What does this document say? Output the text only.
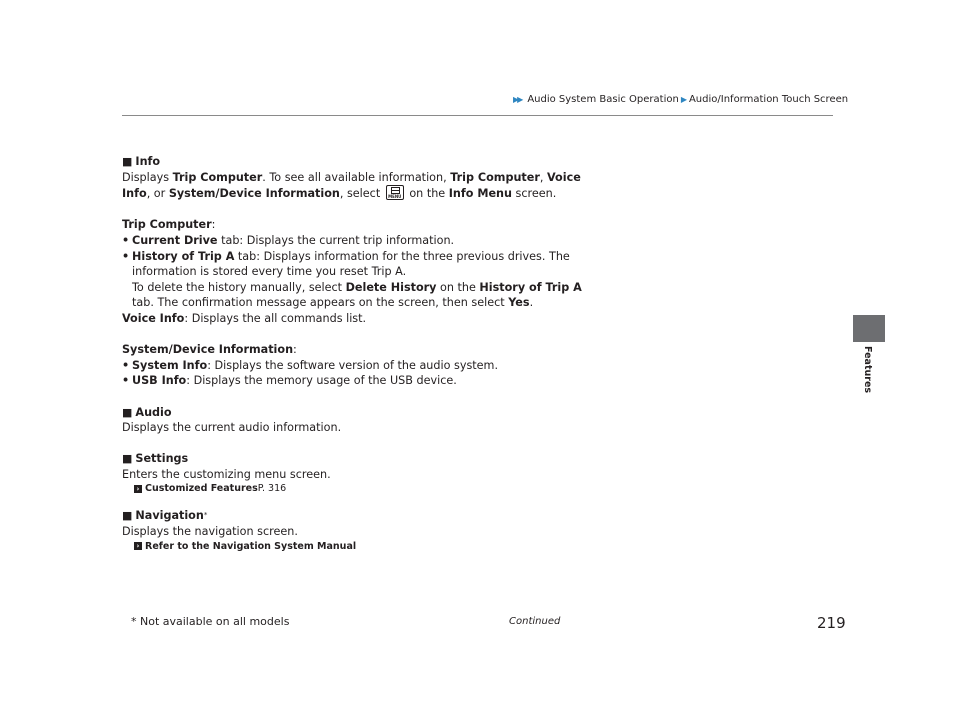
▶▶ Audio System Basic Operation ▶ Audio/Information Touch Screen
Features
■ Info

Displays Trip Computer. To see all available information, Trip Computer, Voice

Info, or System/Device Information, select	MENU on the Info Menu screen.

Trip Computer:

• Current Drive tab: Displays the current trip information.
• History of Trip A tab: Displays information for the three previous drives. The
information is stored every time you reset Trip A.
To delete the history manually, select Delete History on the History of Trip A
tab. The confirmation message appears on the screen, then select Yes.

Voice Info: Displays the all commands list.

System/Device Information:

• System Info: Displays the software version of the audio system.
• USB Info: Displays the memory usage of the USB device.
■ Audio

Displays the current audio information.

■ Settings

Enters the customizing menu screen.

› Customized Features P. 316
■ Navigation *

Displays the navigation screen.

› Refer to the Navigation System Manual
* Not available on all models	Continued	219
